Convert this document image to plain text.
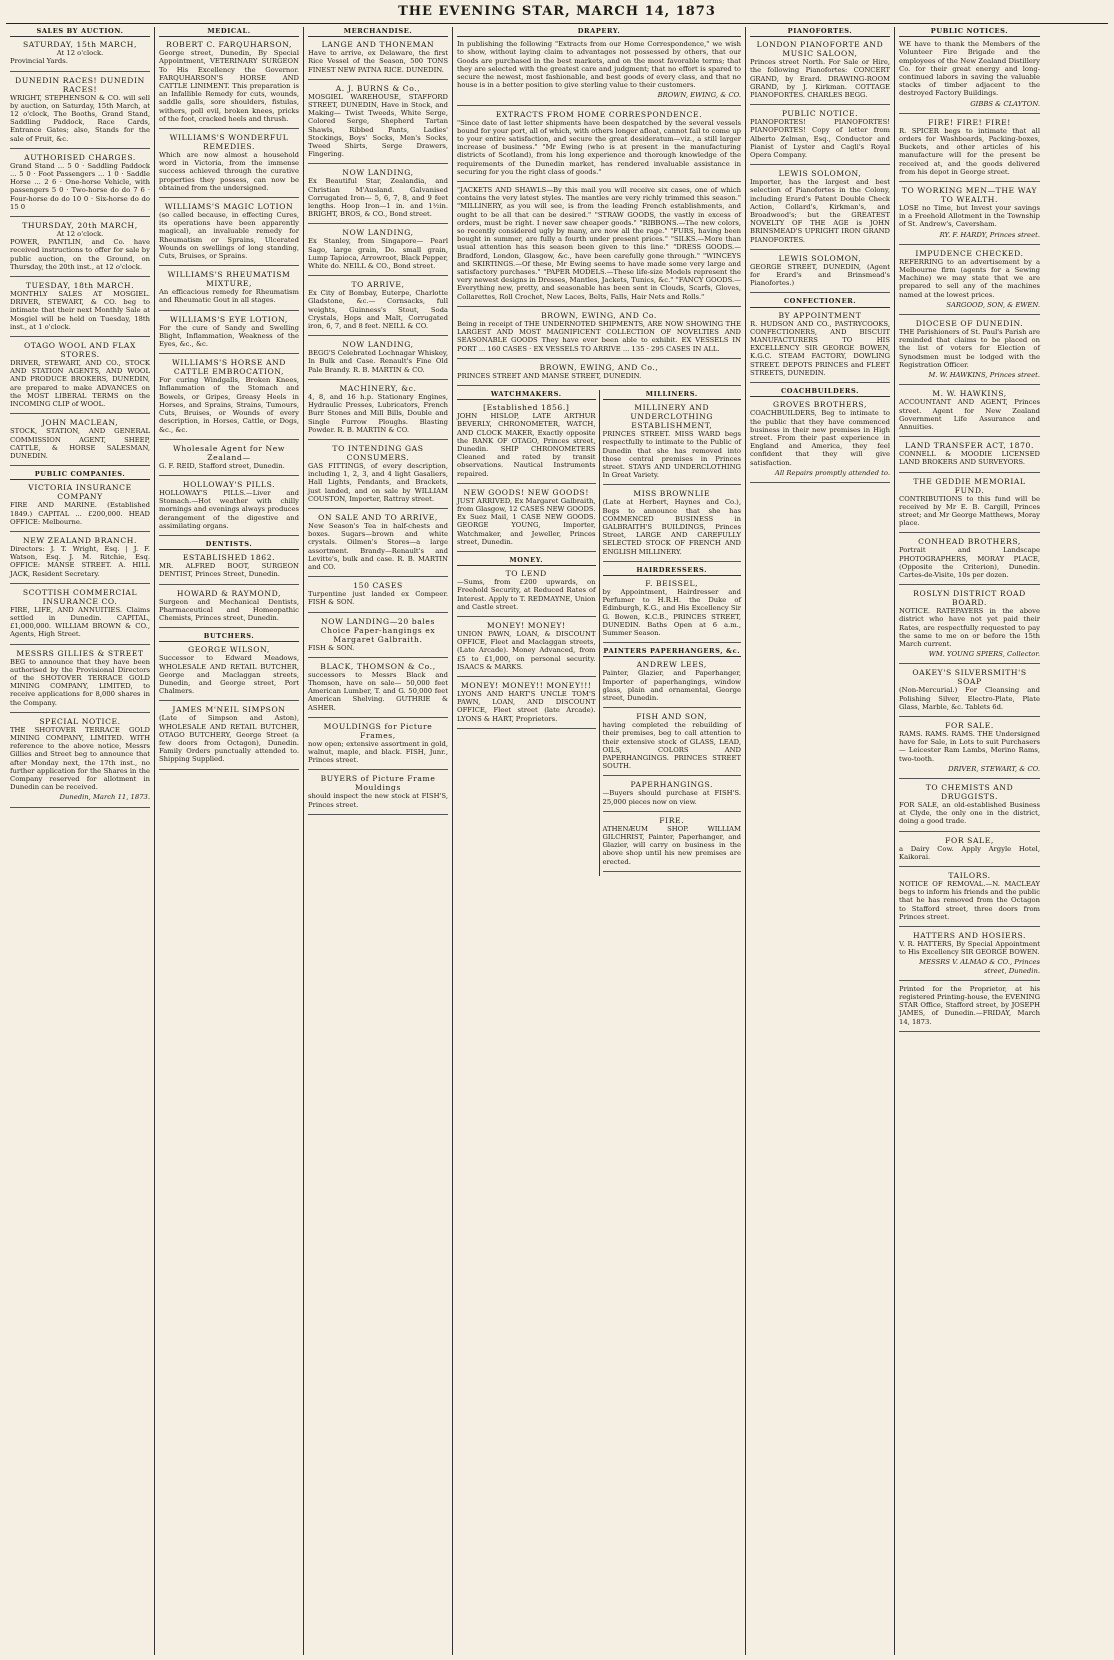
THE EVENING STAR, MARCH 14, 1873
SALES BY AUCTION.
SATURDAY, 15th MARCH,
At 12 o'clock.

Provincial Yards.

DUNEDIN RACES! DUNEDIN RACES!

WRIGHT, STEPHENSON & CO. will sell by auction, on Saturday, 15th March, at 12 o'clock, The Booths, Grand Stand, Saddling Paddock, Race Cards, Entrance Gates; also, Stands for the sale of Fruit, &c.

AUTHORISED CHARGES.

Grand Stand ... 5 0 · Saddling Paddock ... 5 0 · Foot Passengers ... 1 0 · Saddle Horse ... 2 6 · One-horse Vehicle, with passengers 5 0 · Two-horse do do 7 6 · Four-horse do do 10 0 · Six-horse do do 15 0

THURSDAY, 20th MARCH,
At 12 o'clock.

POWER, PANTLIN, and Co. have received instructions to offer for sale by public auction, on the Ground, on Thursday, the 20th inst., at 12 o'clock.

TUESDAY, 18th MARCH.

MONTHLY SALES AT MOSGIEL. DRIVER, STEWART, & CO. beg to intimate that their next Monthly Sale at Mosgiel will be held on Tuesday, 18th inst., at 1 o'clock.

OTAGO WOOL AND FLAX STORES.

DRIVER, STEWART, AND CO., STOCK AND STATION AGENTS, AND WOOL AND PRODUCE BROKERS, DUNEDIN, are prepared to make ADVANCES on the MOST LIBERAL TERMS on the INCOMING CLIP of WOOL.

JOHN MACLEAN,

STOCK, STATION, AND GENERAL COMMISSION AGENT, SHEEP, CATTLE, & HORSE SALESMAN, DUNEDIN.

PUBLIC COMPANIES.
VICTORIA INSURANCE COMPANY

FIRE AND MARINE. (Established 1849.) CAPITAL ... £200,000. HEAD OFFICE: Melbourne.

NEW ZEALAND BRANCH.

Directors: J. T. Wright, Esq. | J. F. Watson, Esq. J. M. Ritchie, Esq. OFFICE: MANSE STREET. A. HILL JACK, Resident Secretary.

SCOTTISH COMMERCIAL INSURANCE CO.

FIRE, LIFE, AND ANNUITIES. Claims settled in Dunedin. CAPITAL, £1,000,000. WILLIAM BROWN & CO., Agents, High Street.

MESSRS GILLIES & STREET

BEG to announce that they have been authorised by the Provisional Directors of the SHOTOVER TERRACE GOLD MINING COMPANY, LIMITED, to receive applications for 8,000 shares in the Company.

SPECIAL NOTICE.

THE SHOTOVER TERRACE GOLD MINING COMPANY, LIMITED. WITH reference to the above notice, Messrs Gillies and Street beg to announce that after Monday next, the 17th inst., no further application for the Shares in the Company reserved for allotment in Dunedin can be received.

Dunedin, March 11, 1873.
MEDICAL.
ROBERT C. FARQUHARSON,

George street, Dunedin, By Special Appointment, VETERINARY SURGEON To His Excellency the Governor. FARQUHARSON'S HORSE AND CATTLE LINIMENT. This preparation is an Infallible Remedy for cuts, wounds, saddle galls, sore shoulders, fistulas, withers, poll evil, broken knees, pricks of the foot, cracked heels and thrush.

WILLIAMS'S WONDERFUL REMEDIES.

Which are now almost a household word in Victoria, from the immense success achieved through the curative properties they possess, can now be obtained from the undersigned.

WILLIAMS'S MAGIC LOTION

(so called because, in effecting Cures, its operations have been apparently magical), an invaluable remedy for Rheumatism or Sprains, Ulcerated Wounds on swellings of long standing, Cuts, Bruises, or Sprains.

WILLIAMS'S RHEUMATISM MIXTURE,

An efficacious remedy for Rheumatism and Rheumatic Gout in all stages.

WILLIAMS'S EYE LOTION,

For the cure of Sandy and Swelling Blight, Inflammation, Weakness of the Eyes, &c., &c.

WILLIAMS'S HORSE AND CATTLE EMBROCATION,

For curing Windgalls, Broken Knees, Inflammation of the Stomach and Bowels, or Gripes, Greasy Heels in Horses, and Sprains, Strains, Tumours, Cuts, Bruises, or Wounds of every description, in Horses, Cattle, or Dogs, &c., &c.

Wholesale Agent for New Zealand—

G. F. REID, Stafford street, Dunedin.

HOLLOWAY'S PILLS.

HOLLOWAY'S PILLS.—Liver and Stomach.—Hot weather with chilly mornings and evenings always produces derangement of the digestive and assimilating organs.

DENTISTS.
ESTABLISHED 1862.

MR. ALFRED BOOT, SURGEON DENTIST, Princes Street, Dunedin.

HOWARD & RAYMOND,

Surgeon and Mechanical Dentists, Pharmaceutical and Homeopathic Chemists, Princes street, Dunedin.

BUTCHERS.
GEORGE WILSON,

Successor to Edward Meadows, WHOLESALE AND RETAIL BUTCHER, George and Maclaggan streets, Dunedin, and George street, Port Chalmers.

JAMES M'NEIL SIMPSON

(Late of Simpson and Aston), WHOLESALE AND RETAIL BUTCHER, OTAGO BUTCHERY, George Street (a few doors from Octagon), Dunedin. Family Orders punctually attended to. Shipping Supplied.

MERCHANDISE.
LANGE AND THONEMAN

Have to arrive, ex Delaware, the first Rice Vessel of the Season, 500 TONS FINEST NEW PATNA RICE. DUNEDIN.

A. J. BURNS & Co.,

MOSGIEL WAREHOUSE, STAFFORD STREET, DUNEDIN, Have in Stock, and Making— Twist Tweeds, White Serge, Colored Serge, Shepherd Tartan Shawls, Ribbed Pants, Ladies' Stockings, Boys' Socks, Men's Socks, Tweed Shirts, Serge Drawers, Fingering.

NOW LANDING,

Ex Beautiful Star, Zealandia, and Christian M'Ausland. Galvanised Corrugated Iron— 5, 6, 7, 8, and 9 feet lengths. Hoop Iron—1 in. and 1½in. BRIGHT, BROS, & CO., Bond street.

NOW LANDING,

Ex Stanley, from Singapore— Pearl Sago, large grain, Do. small grain, Lump Tapioca, Arrowroot, Black Pepper, White do. NEILL & CO., Bond street.

TO ARRIVE,

Ex City of Bombay, Euterpe, Charlotte Gladstone, &c.— Cornsacks, full weights, Guinness's Stout, Soda Crystals, Hops and Malt, Corrugated iron, 6, 7, and 8 feet. NEILL & CO.

NOW LANDING,

BEGG'S Celebrated Lochnagar Whiskey, In Bulk and Case. Renault's Fine Old Pale Brandy. R. B. MARTIN & CO.

MACHINERY, &c.

4, 8, and 16 h.p. Stationary Engines, Hydraulic Presses, Lubricators, French Burr Stones and Mill Bills, Double and Single Furrow Ploughs. Blasting Powder. R. B. MARTIN & CO.

TO INTENDING GAS CONSUMERS.

GAS FITTINGS, of every description, including 1, 2, 3, and 4 light Gasaliers, Hall Lights, Pendants, and Brackets, just landed, and on sale by WILLIAM COUSTON, Importer, Rattray street.

ON SALE AND TO ARRIVE,

New Season's Tea in half-chests and boxes. Sugars—brown and white crystals. Oilmen's Stores—a large assortment. Brandy—Renault's and Levitte's, bulk and case. R. B. MARTIN and CO.

150 CASES

Turpentine just landed ex Compeer. FISH & SON.

NOW LANDING—20 bales Choice Paper-hangings ex Margaret Galbraith.

FISH & SON.

BLACK, THOMSON & Co.,

successors to Messrs Black and Thomson, have on sale— 50,000 feet American Lumber, T. and G. 50,000 feet American Shelving. GUTHRIE & ASHER.

MOULDINGS for Picture Frames,

now open; extensive assortment in gold, walnut, maple, and black. FISH, Junr., Princes street.

BUYERS of Picture Frame Mouldings

should inspect the new stock at FISH'S, Princes street.

DRAPERY.

In publishing the following "Extracts from our Home Correspondence," we wish to show, without laying claim to advantages not possessed by others, that our Goods are purchased in the best markets, and on the most favorable terms; that they are selected with the greatest care and judgment; that no effort is spared to secure the newest, most fashionable, and best goods of every class, and that no house is in a better position to give sterling value to their customers.

BROWN, EWING, & CO.
EXTRACTS FROM HOME CORRESPONDENCE.

"Since date of last letter shipments have been despatched by the several vessels bound for your port, all of which, with others longer afloat, cannot fail to come up to your entire satisfaction, and secure the great desideratum—viz., a still larger increase of business." "Mr Ewing (who is at present in the manufacturing districts of Scotland), from his long experience and thorough knowledge of the requirements of the Dunedin market, has rendered invaluable assistance in securing for you the right class of goods."

"JACKETS AND SHAWLS—By this mail you will receive six cases, one of which contains the very latest styles. The mantles are very richly trimmed this season." "MILLINERY, as you will see, is from the leading French establishments, and ought to be all that can be desired." "STRAW GOODS, the vastly in excess of orders, must be right. I never saw cheaper goods." "RIBBONS.—The new colors, so recently considered ugly by many, are now all the rage." "FURS, having been bought in summer, are fully a fourth under present prices." "SILKS.—More than usual attention has this season been given to this line." "DRESS GOODS.—Bradford, London, Glasgow, &c., have been carefully gone through." "WINCEYS and SKIRTINGS.—Of these, Mr Ewing seems to have made some very large and satisfactory purchases." "PAPER MODELS.—These life-size Models represent the very newest designs in Dresses, Mantles, Jackets, Tunics, &c." "FANCY GOODS.—Everything new, pretty, and seasonable has been sent in Clouds, Scarfs, Gloves, Collarettes, Roll Crochet, New Laces, Belts, Falls, Hair Nets and Rolls."

BROWN, EWING, AND Co.

Being in receipt of THE UNDERNOTED SHIPMENTS, ARE NOW SHOWING THE LARGEST AND MOST MAGNIFICENT COLLECTION OF NOVELTIES AND SEASONABLE GOODS They have ever been able to exhibit. EX VESSELS IN PORT ... 160 CASES · EX VESSELS TO ARRIVE ... 135 · 295 CASES IN ALL.

BROWN, EWING, AND Co.,

PRINCES STREET AND MANSE STREET, DUNEDIN.

WATCHMAKERS.
[Established 1856.]

JOHN HISLOP, LATE ARTHUR BEVERLY, CHRONOMETER, WATCH, AND CLOCK MAKER, Exactly opposite the BANK OF OTAGO, Princes street, Dunedin. SHIP CHRONOMETERS Cleaned and rated by transit observations. Nautical Instruments repaired.

NEW GOODS! NEW GOODS!

JUST ARRIVED, Ex Margaret Galbraith, from Glasgow, 12 CASES NEW GOODS. Ex Suez Mail, 1 CASE NEW GOODS. GEORGE YOUNG, Importer, Watchmaker, and Jeweller, Princes street, Dunedin.

MONEY.
TO LEND

—Sums, from £200 upwards, on Freehold Security, at Reduced Rates of Interest. Apply to T. REDMAYNE, Union and Castle street.

MONEY! MONEY!

UNION PAWN, LOAN, & DISCOUNT OFFICE, Fleet and Maclaggan streets, (Late Arcade). Money Advanced, from £5 to £1,000, on personal security. ISAACS & MARKS.

MONEY! MONEY!! MONEY!!!

LYONS AND HART'S UNCLE TOM'S PAWN, LOAN, AND DISCOUNT OFFICE, Fleet street (late Arcade). LYONS & HART, Proprietors.

MILLINERS.
MILLINERY AND UNDERCLOTHING ESTABLISHMENT,

PRINCES STREET. MISS WARD begs respectfully to intimate to the Public of Dunedin that she has removed into those central premises in Princes street. STAYS AND UNDERCLOTHING In Great Variety.

MISS BROWNLIE

(Late at Herbert, Haynes and Co.), Begs to announce that she has COMMENCED BUSINESS in GALBRAITH'S BUILDINGS, Princes Street, LARGE AND CAREFULLY SELECTED STOCK OF FRENCH AND ENGLISH MILLINERY.

HAIRDRESSERS.
F. BEISSEL,

by Appointment, Hairdresser and Perfumer to H.R.H. the Duke of Edinburgh, K.G., and His Excellency Sir G. Bowen, K.C.B., PRINCES STREET, DUNEDIN. Baths Open at 6 a.m., Summer Season.

PAINTERS PAPERHANGERS, &c.
ANDREW LEES,

Painter, Glazier, and Paperhanger, Importer of paperhangings, window glass, plain and ornamental, George street, Dunedin.

FISH AND SON,

having completed the rebuilding of their premises, beg to call attention to their extensive stock of GLASS, LEAD, OILS, COLORS AND PAPERHANGINGS. PRINCES STREET SOUTH.

PAPERHANGINGS.

—Buyers should purchase at FISH'S. 25,000 pieces now on view.

FIRE.

ATHENÆUM SHOP. WILLIAM GILCHRIST, Painter, Paperhanger, and Glazier, will carry on business in the above shop until his new premises are erected.

PIANOFORTES.
LONDON PIANOFORTE AND MUSIC SALOON,

Princes street North. For Sale or Hire, the following Pianofortes: CONCERT GRAND, by Erard. DRAWING-ROOM GRAND, by J. Kirkman. COTTAGE PIANOFORTES. CHARLES BEGG.

PUBLIC NOTICE.

PIANOFORTES! PIANOFORTES! PIANOFORTES! Copy of letter from Alberto Zelman, Esq., Conductor and Pianist of Lyster and Cagli's Royal Opera Company.

LEWIS SOLOMON,

Importer, has the largest and best selection of Pianofortes in the Colony, including Erard's Patent Double Check Action, Collard's, Kirkman's, and Broadwood's; but the GREATEST NOVELTY OF THE AGE is JOHN BRINSMEAD'S UPRIGHT IRON GRAND PIANOFORTES.

LEWIS SOLOMON,

GEORGE STREET, DUNEDIN, (Agent for Erard's and Brinsmead's Pianofortes.)

CONFECTIONER.
BY APPOINTMENT

R. HUDSON AND CO., PASTRYCOOKS, CONFECTIONERS, AND BISCUIT MANUFACTURERS TO HIS EXCELLENCY SIR GEORGE BOWEN, K.G.C. STEAM FACTORY, DOWLING STREET. DEPOTS PRINCES and FLEET STREETS, DUNEDIN.

COACHBUILDERS.
GROVES BROTHERS,

COACHBUILDERS, Beg to intimate to the public that they have commenced business in their new premises in High street. From their past experience in England and America, they feel confident that they will give satisfaction.

All Repairs promptly attended to.
PUBLIC NOTICES.

WE have to thank the Members of the Volunteer Fire Brigade and the employees of the New Zealand Distillery Co. for their great energy and long-continued labors in saving the valuable stacks of timber adjacent to the destroyed Factory Buildings.

GIBBS & CLAYTON.
FIRE! FIRE! FIRE!

R. SPICER begs to intimate that all orders for Washboards, Packing-boxes, Buckets, and other articles of his manufacture will for the present be received at, and the goods delivered from his depot in George street.

TO WORKING MEN—THE WAY TO WEALTH.

LOSE no Time, but Invest your savings in a Freehold Allotment in the Township of St. Andrew's, Caversham.

RY. F. HARDY, Princes street.
IMPUDENCE CHECKED.

REFERRING to an advertisement by a Melbourne firm (agents for a Sewing Machine) we may state that we are prepared to sell any of the machines named at the lowest prices.

SARGOOD, SON, & EWEN.
DIOCESE OF DUNEDIN.

THE Parishioners of St. Paul's Parish are reminded that claims to be placed on the list of voters for Election of Synodsmen must be lodged with the Registration Officer.

M. W. HAWKINS, Princes street.
M. W. HAWKINS,

ACCOUNTANT AND AGENT, Princes street. Agent for New Zealand Government Life Assurance and Annuities.

LAND TRANSFER ACT, 1870.

CONNELL & MOODIE LICENSED LAND BROKERS AND SURVEYORS.

THE GEDDIE MEMORIAL FUND.

CONTRIBUTIONS to this fund will be received by Mr E. B. Cargill, Princes street; and Mr George Matthews, Moray place.

CONHEAD BROTHERS,

Portrait and Landscape PHOTOGRAPHERS, MORAY PLACE, (Opposite the Criterion), Dunedin. Cartes-de-Visite, 10s per dozen.

ROSLYN DISTRICT ROAD BOARD.

NOTICE. RATEPAYERS in the above district who have not yet paid their Rates, are respectfully requested to pay the same to me on or before the 15th March current.

WM. YOUNG SPIERS, Collector.
OAKEY'S SILVERSMITH'S SOAP

(Non-Mercurial.) For Cleansing and Polishing Silver, Electro-Plate, Plate Glass, Marble, &c. Tablets 6d.

FOR SALE.

RAMS. RAMS. RAMS. THE Undersigned have for Sale, in Lots to suit Purchasers— Leicester Ram Lambs, Merino Rams, two-tooth.

DRIVER, STEWART, & CO.
TO CHEMISTS AND DRUGGISTS.

FOR SALE, an old-established Business at Clyde, the only one in the district, doing a good trade.

FOR SALE,

a Dairy Cow. Apply Argyle Hotel, Kaikorai.

TAILORS.

NOTICE OF REMOVAL.—N. MACLEAY begs to inform his friends and the public that he has removed from the Octagon to Stafford street, three doors from Princes street.

HATTERS AND HOSIERS.

V. R. HATTERS, By Special Appointment to His Excellency SIR GEORGE BOWEN.

MESSRS V. ALMAO & CO., Princes street, Dunedin.

Printed for the Proprietor, at his registered Printing-house, the EVENING STAR Office, Stafford street, by JOSEPH JAMES, of Dunedin.—FRIDAY, March 14, 1873.
